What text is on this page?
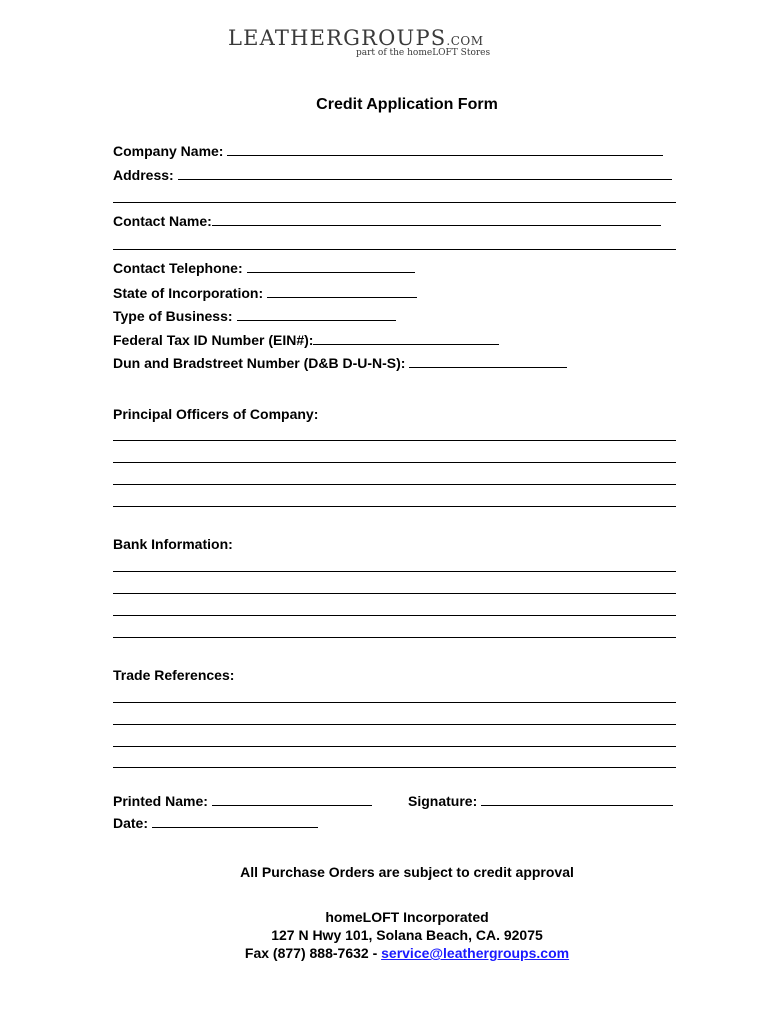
LEATHERGROUPS.COM
part of the homeLOFT Stores
Credit Application Form
Company Name:
Address:
Contact Name:
Contact Telephone:
State of Incorporation:
Type of Business:
Federal Tax ID Number (EIN#):
Dun and Bradstreet Number (D&B D-U-N-S):
Principal Officers of Company:
Bank Information:
Trade References:
Printed Name:	Signature:
Date:
All Purchase Orders are subject to credit approval
homeLOFT Incorporated
127 N Hwy 101, Solana Beach, CA. 92075
Fax (877) 888-7632 - service@leathergroups.com
